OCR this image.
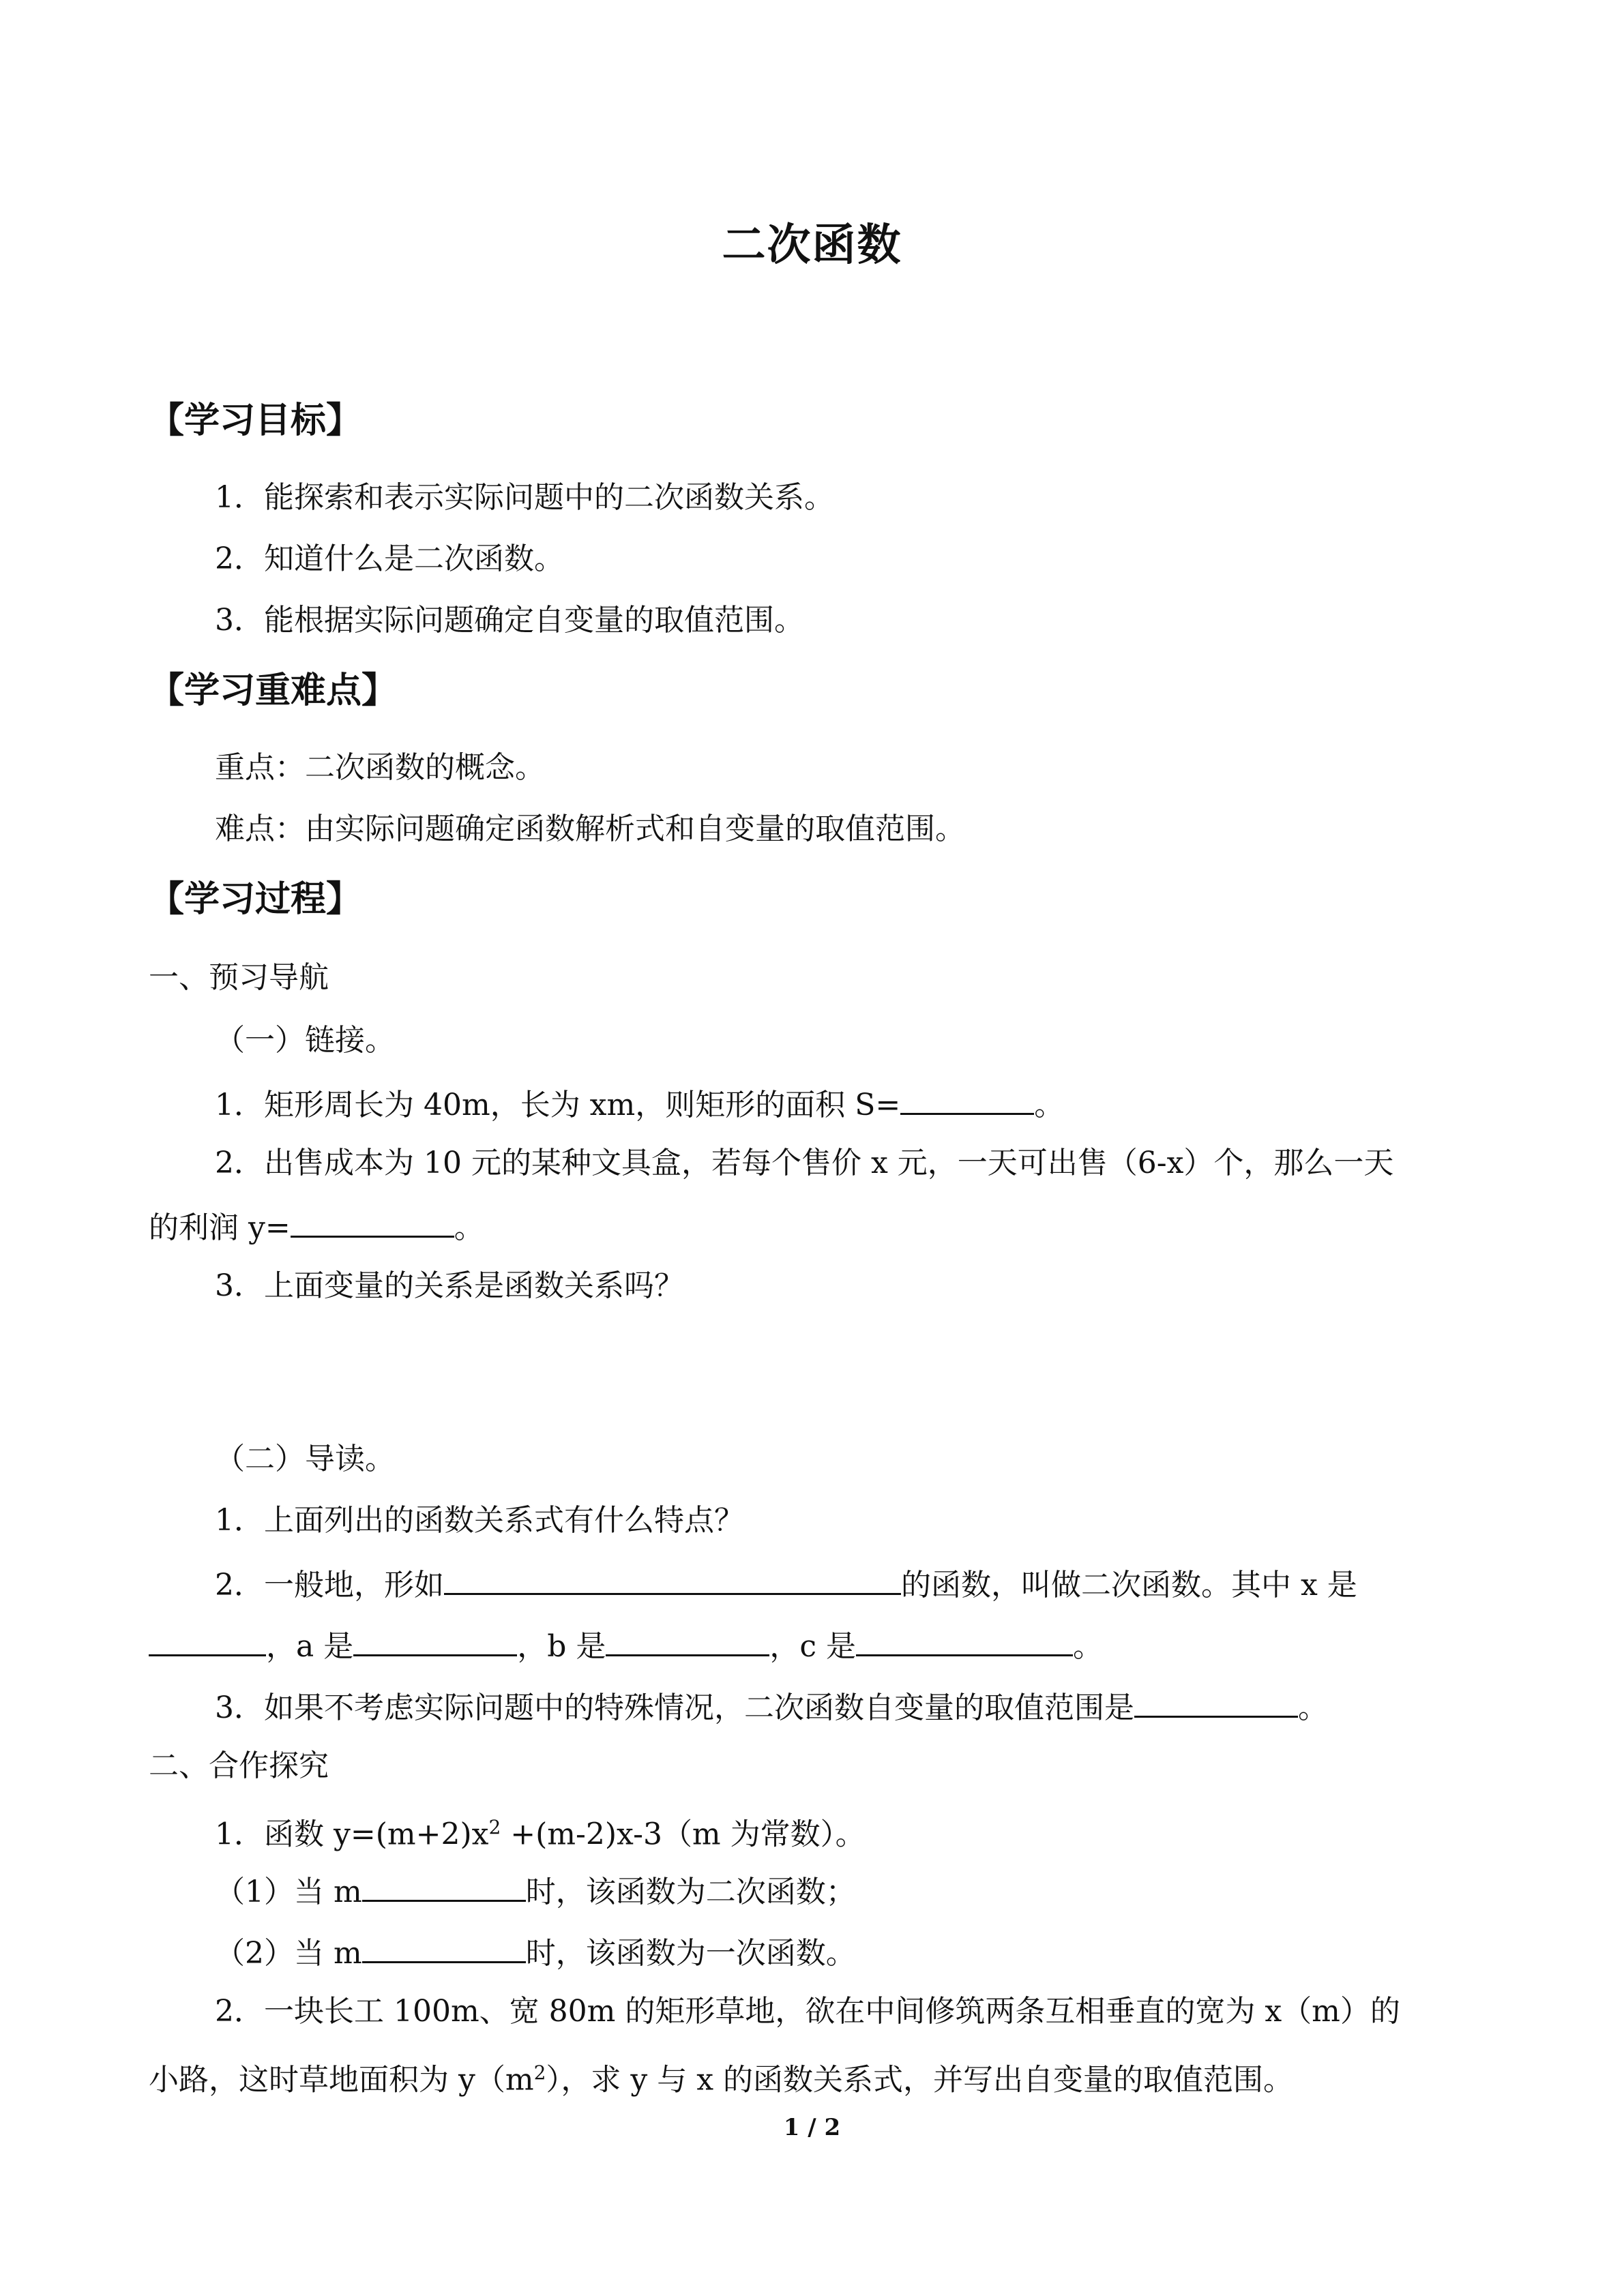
二次函数
【学习目标】
1．能探索和表示实际问题中的二次函数关系。
2．知道什么是二次函数。
3．能根据实际问题确定自变量的取值范围。
【学习重难点】
重点：二次函数的概念。
难点：由实际问题确定函数解析式和自变量的取值范围。
【学习过程】
一、预习导航
（一）链接。
1．矩形周长为 40m，长为 xm，则矩形的面积 S=	。
2．出售成本为 10 元的某种文具盒，若每个售价 x 元，一天可出售（6-x）个，那么一天
的利润 y=	。
3．上面变量的关系是函数关系吗？
（二）导读。
1．上面列出的函数关系式有什么特点？
2．一般地，形如	的函数，叫做二次函数。其中 x 是
，a 是	，b 是	，c 是	。
3．如果不考虑实际问题中的特殊情况，二次函数自变量的取值范围是	。
二、合作探究
1．函数 $y=(m+2)x^2 +(m-2)x-3(m$ 为常数）。
（1）当 m	时，该函数为二次函数；
（2）当 m	时，该函数为一次函数。
2．一块长工 100m、宽 80m 的矩形草地，欲在中间修筑两条互相垂直的宽为 x（m）的
小路，这时草地面积为 $y(m^2)$，求 y 与 x 的函数关系式，并写出自变量的取值范围。
1 / 2
